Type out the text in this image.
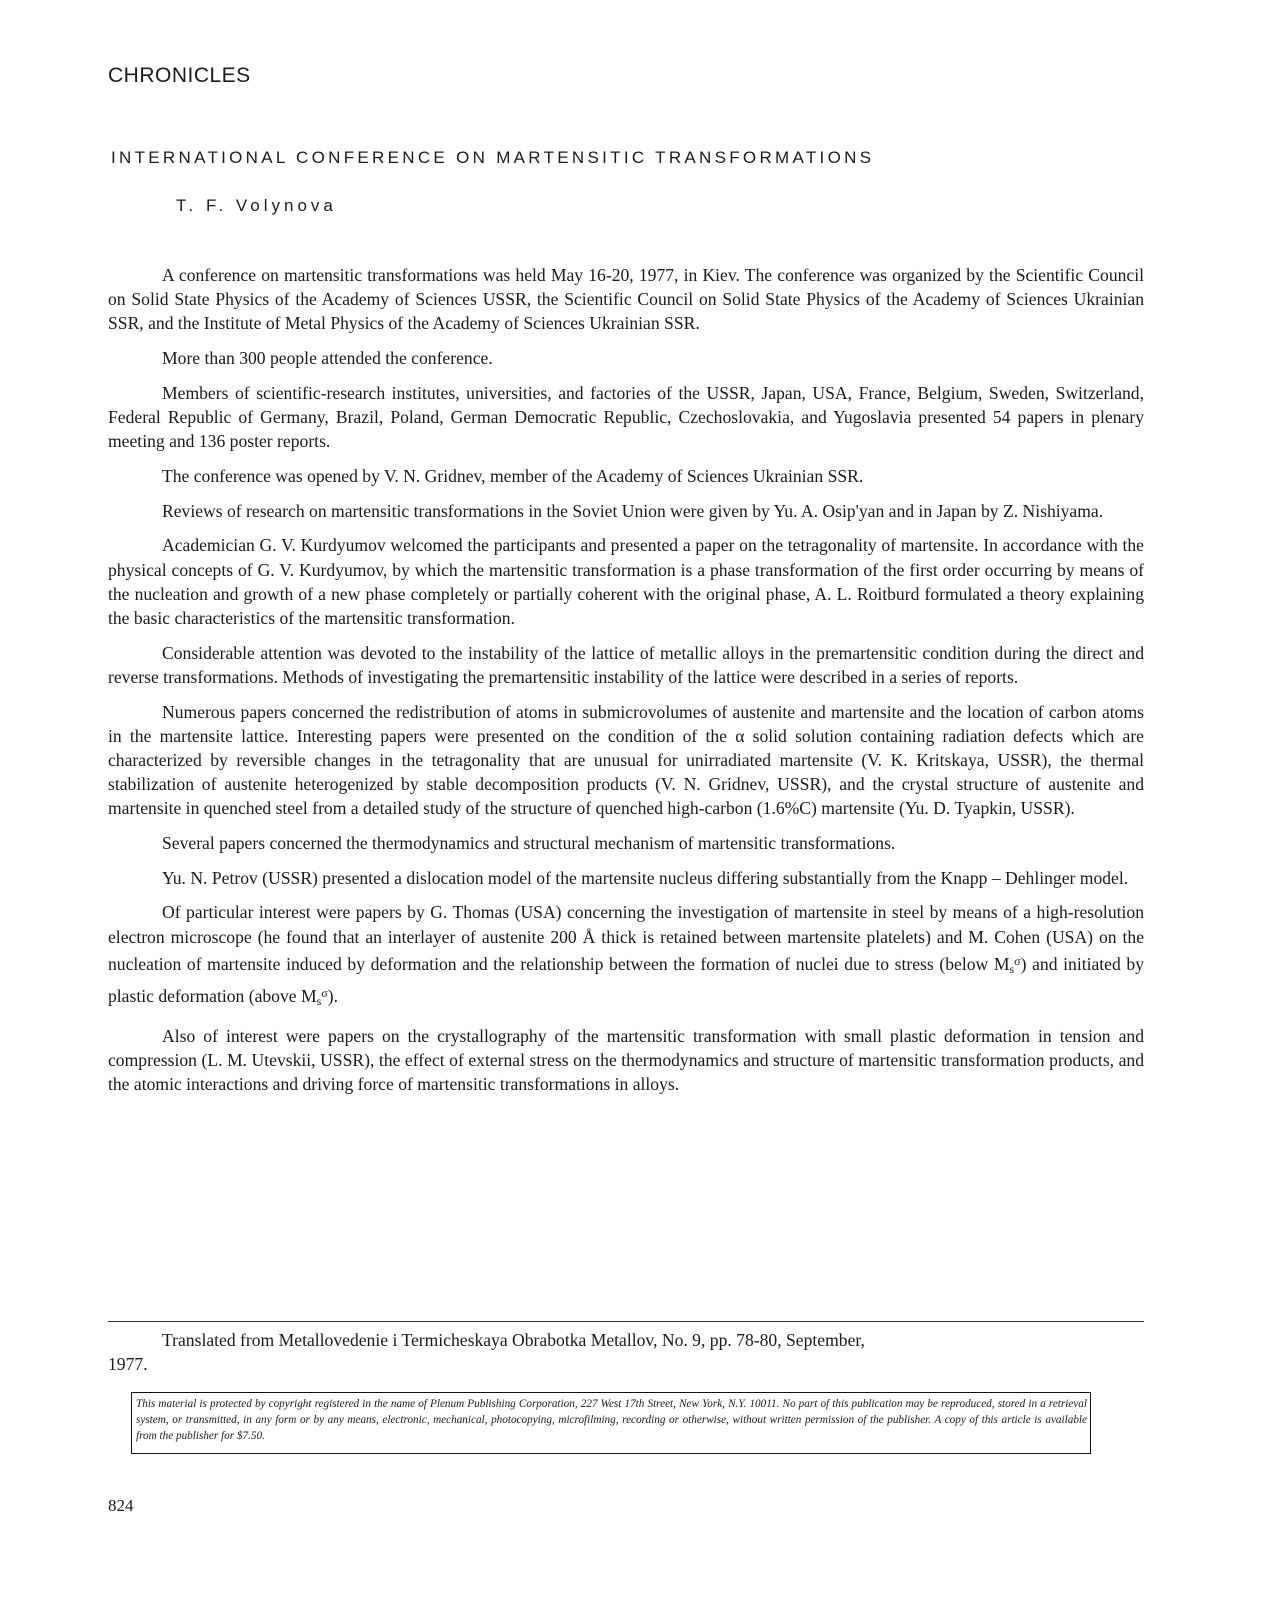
CHRONICLES
INTERNATIONAL CONFERENCE ON MARTENSITIC TRANSFORMATIONS
T. F. Volynova

A conference on martensitic transformations was held May 16-20, 1977, in Kiev. The conference was organized by the Scientific Council on Solid State Physics of the Academy of Sciences USSR, the Scientific Council on Solid State Physics of the Academy of Sciences Ukrainian SSR, and the Institute of Metal Physics of the Academy of Sciences Ukrainian SSR.

More than 300 people attended the conference.

Members of scientific-research institutes, universities, and factories of the USSR, Japan, USA, France, Belgium, Sweden, Switzerland, Federal Republic of Germany, Brazil, Poland, German Democratic Republic, Czechoslovakia, and Yugoslavia presented 54 papers in plenary meeting and 136 poster reports.

The conference was opened by V. N. Gridnev, member of the Academy of Sciences Ukrainian SSR.

Reviews of research on martensitic transformations in the Soviet Union were given by Yu. A. Osip'yan and in Japan by Z. Nishiyama.

Academician G. V. Kurdyumov welcomed the participants and presented a paper on the tetragonality of martensite. In accordance with the physical concepts of G. V. Kurdyumov, by which the martensitic transformation is a phase transformation of the first order occurring by means of the nucleation and growth of a new phase completely or partially coherent with the original phase, A. L. Roitburd formulated a theory explaining the basic characteristics of the martensitic transformation.

Considerable attention was devoted to the instability of the lattice of metallic alloys in the premartensitic condition during the direct and reverse transformations. Methods of investigating the premartensitic instability of the lattice were described in a series of reports.

Numerous papers concerned the redistribution of atoms in submicrovolumes of austenite and martensite and the location of carbon atoms in the martensite lattice. Interesting papers were presented on the condition of the α solid solution containing radiation defects which are characterized by reversible changes in the tetragonality that are unusual for unirradiated martensite (V. K. Kritskaya, USSR), the thermal stabilization of austenite heterogenized by stable decomposition products (V. N. Gridnev, USSR), and the crystal structure of austenite and martensite in quenched steel from a detailed study of the structure of quenched high-carbon (1.6%C) martensite (Yu. D. Tyapkin, USSR).

Several papers concerned the thermodynamics and structural mechanism of martensitic transformations.

Yu. N. Petrov (USSR) presented a dislocation model of the martensite nucleus differing substantially from the Knapp – Dehlinger model.

Of particular interest were papers by G. Thomas (USA) concerning the investigation of martensite in steel by means of a high-resolution electron microscope (he found that an interlayer of austenite 200 Å thick is retained between martensite platelets) and M. Cohen (USA) on the nucleation of martensite induced by deformation and the relationship between the formation of nuclei due to stress (below $M_s^\sigma$) and initiated by plastic deformation (above $M_s^\sigma$).

Also of interest were papers on the crystallography of the martensitic transformation with small plastic deformation in tension and compression (L. M. Utevskii, USSR), the effect of external stress on the thermodynamics and structure of martensitic transformation products, and the atomic interactions and driving force of martensitic transformations in alloys.

Translated from Metallovedenie i Termicheskaya Obrabotka Metallov, No. 9, pp. 78-80, September,
1977.
This material is protected by copyright registered in the name of Plenum Publishing Corporation, 227 West 17th Street, New York, N.Y. 10011. No part of this publication may be reproduced, stored in a retrieval system, or transmitted, in any form or by any means, electronic, mechanical, photocopying, microfilming, recording or otherwise, without written permission of the publisher. A copy of this article is available from the publisher for $7.50.
824
